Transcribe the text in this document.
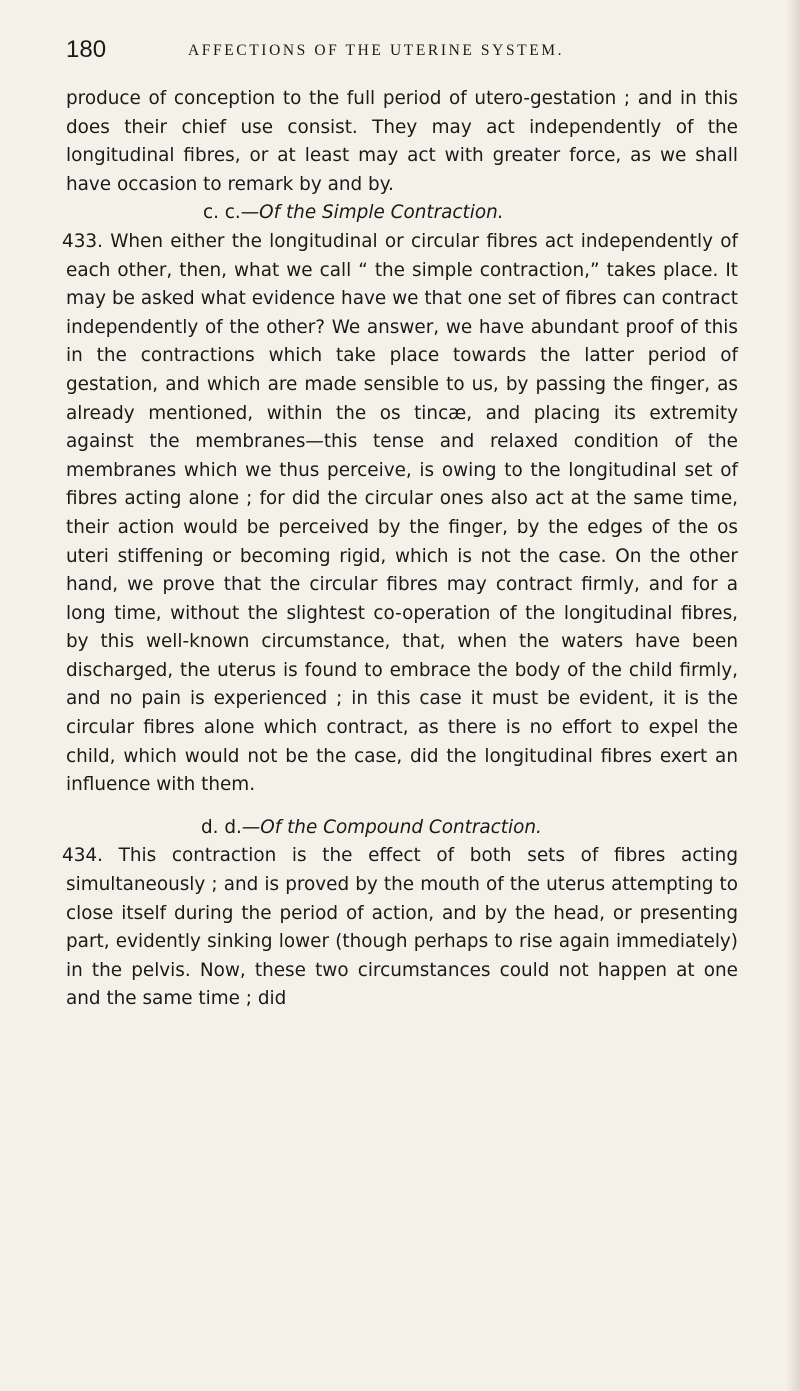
180	AFFECTIONS OF THE UTERINE SYSTEM.

produce of conception to the full period of utero-gestation ; and in this does their chief use consist. They may act independently of the longitudinal fibres, or at least may act with greater force, as we shall have occasion to remark by and by.

c. c.—Of the Simple Contraction.

433. When either the longitudinal or circular fibres act independently of each other, then, what we call “ the simple contraction,” takes place. It may be asked what evidence have we that one set of fibres can contract independently of the other? We answer, we have abundant proof of this in the contractions which take place towards the latter period of gestation, and which are made sensible to us, by passing the finger, as already mentioned, within the os tincæ, and placing its extremity against the membranes—this tense and relaxed condition of the membranes which we thus perceive, is owing to the longitudinal set of fibres acting alone ; for did the circular ones also act at the same time, their action would be perceived by the finger, by the edges of the os uteri stiffening or becoming rigid, which is not the case. On the other hand, we prove that the circular fibres may contract firmly, and for a long time, without the slightest co-operation of the longitudinal fibres, by this well-known circumstance, that, when the waters have been discharged, the uterus is found to embrace the body of the child firmly, and no pain is experienced ; in this case it must be evident, it is the circular fibres alone which contract, as there is no effort to expel the child, which would not be the case, did the longitudinal fibres exert an influence with them.

d. d.—Of the Compound Contraction.

434. This contraction is the effect of both sets of fibres acting simultaneously ; and is proved by the mouth of the uterus attempting to close itself during the period of action, and by the head, or presenting part, evidently sinking lower (though perhaps to rise again immediately) in the pelvis. Now, these two circumstances could not happen at one and the same time ; did
